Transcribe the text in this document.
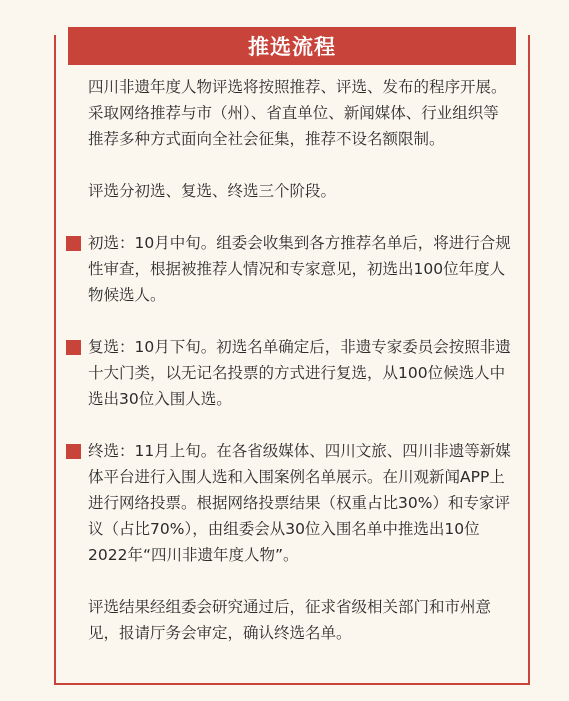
推选流程

四川非遗年度人物评选将按照推荐、评选、发布的程序开展。采取网络推荐与市（州）、省直单位、新闻媒体、行业组织等推荐多种方式面向全社会征集，推荐不设名额限制。

评选分初选、复选、终选三个阶段。

初选：10月中旬。组委会收集到各方推荐名单后，将进行合规性审查，根据被推荐人情况和专家意见，初选出100位年度人物候选人。

复选：10月下旬。初选名单确定后，非遗专家委员会按照非遗十大门类，以无记名投票的方式进行复选，从100位候选人中选出30位入围人选。

终选：11月上旬。在各省级媒体、四川文旅、四川非遗等新媒体平台进行入围人选和入围案例名单展示。在川观新闻APP上进行网络投票。根据网络投票结果（权重占比30%）和专家评议（占比70%），由组委会从30位入围名单中推选出10位2022年“四川非遗年度人物”。

评选结果经组委会研究通过后，征求省级相关部门和市州意见，报请厅务会审定，确认终选名单。
